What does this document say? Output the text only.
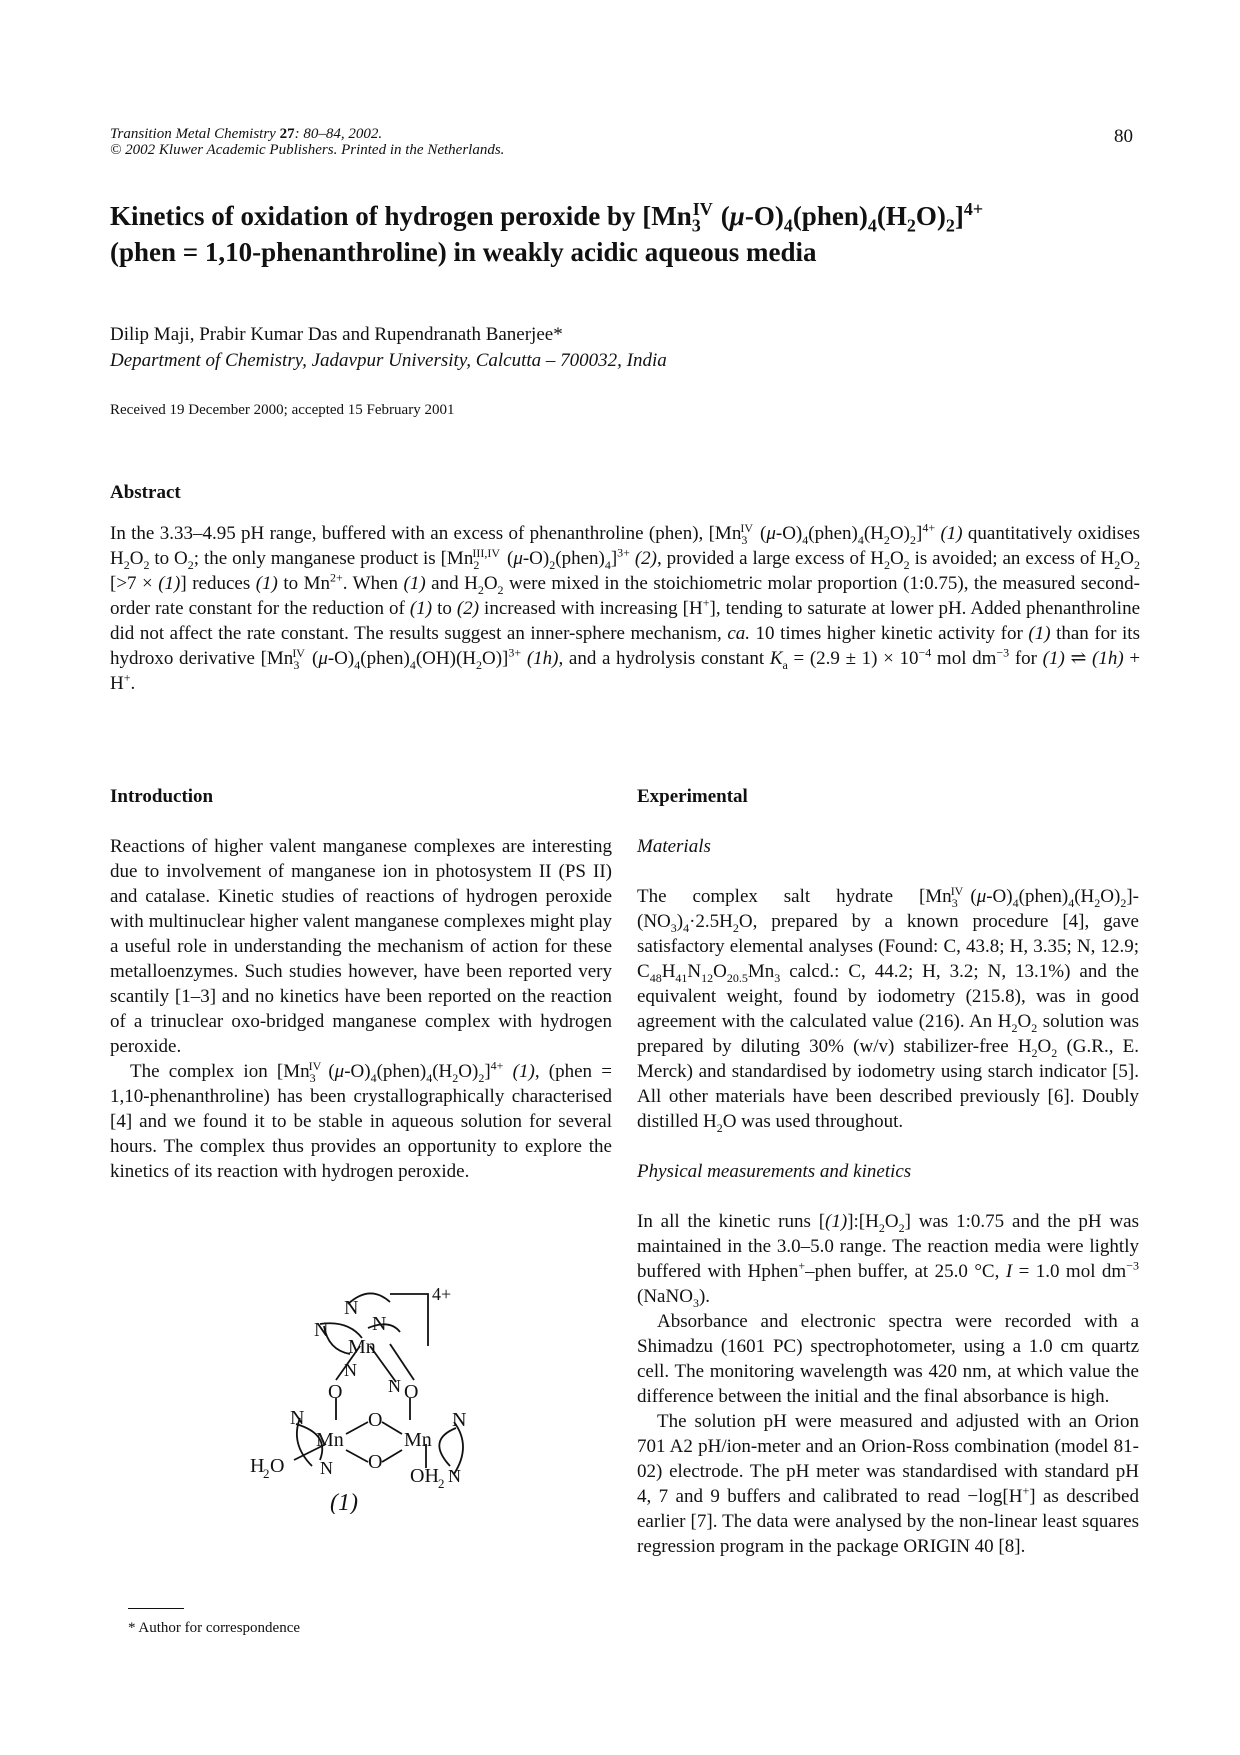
Transition Metal Chemistry 27: 80–84, 2002.
© 2002 Kluwer Academic Publishers. Printed in the Netherlands.
80
Kinetics of oxidation of hydrogen peroxide by [$Mn_3^{IV}$ $(\mu-O)_4(phen)_4(H_2O)_2]^{4+}$
(phen = 1,10-phenanthroline) in weakly acidic aqueous media
Dilip Maji, Prabir Kumar Das and Rupendranath Banerjee*
Department of Chemistry, Jadavpur University, Calcutta – 700032, India
Received 19 December 2000; accepted 15 February 2001
Abstract
In the 3.33–4.95 pH range, buffered with an excess of phenanthroline (phen), [$Mn_3^{IV}$ $(\mu-O)_4(phen)_4(H_2O)_2]^{4+}$ (1) quantitatively oxidises $H_2O_2$ to $O_2$; the only manganese product is [$Mn_2^{III,IV}$ $(\mu-O)_2(phen)_4]^{3+}$ (2), provided a large excess of $H_2O_2$ is avoided; an excess of $H_2O_2$ [>7 × (1)] reduces (1) to $Mn^{2+}$. When (1) and $H_2O_2$ were mixed in the stoichiometric molar proportion (1:0.75), the measured second-order rate constant for the reduction of (1) to (2) increased with increasing [H+], tending to saturate at lower pH. Added phenanthroline did not affect the rate constant. The results suggest an inner-sphere mechanism, ca. 10 times higher kinetic activity for (1) than for its hydroxo derivative [$Mn_3^{IV}$ $(\mu-O)_4(phen)_4(OH)(H_2O)]^{3+}$ (1h), and a hydrolysis constant $K_a = (2.9 \pm 1) \times 10^{-4}$ mol $dm^{-3}$ for (1) ⇌ (1h) + H+.
Introduction

Reactions of higher valent manganese complexes are interesting due to involvement of manganese ion in photosystem II (PS II) and catalase. Kinetic studies of reactions of hydrogen peroxide with multinuclear higher valent manganese complexes might play a useful role in understanding the mechanism of action for these metalloenzymes. Such studies however, have been reported very scantily [1–3] and no kinetics have been reported on the reaction of a trinuclear oxo-bridged manganese complex with hydrogen peroxide.

The complex ion [$Mn_3^{IV}$ $(\mu-O)_4(phen)_4(H_2O)_2]^{4+}$ (1), (phen = 1,10-phenanthroline) has been crystallographically characterised [4] and we found it to be stable in aqueous solution for several hours. The complex thus provides an opportunity to explore the kinetics of its reaction with hydrogen peroxide.

N
N
N
Mn
N
O	N O
N
Mn
O
Mn
N
O
H
2 O N	OH 2 N
4+
(1)
* Author for correspondence
Experimental
Materials

The complex salt hydrate [$Mn_3^{IV}$ $(\mu-O)_4(phen)_4(H_2O)_2]-(NO_3)_4\cdot 2.5H_2O$, prepared by a known procedure [4], gave satisfactory elemental analyses (Found: C, 43.8; H, 3.35; N, 12.9; $C_{48}H_{41}N_{12}O_{20.5}Mn_3$ calcd.: C, 44.2; H, 3.2; N, 13.1%) and the equivalent weight, found by iodometry (215.8), was in good agreement with the calculated value (216). An $H_2O_2$ solution was prepared by diluting 30% (w/v) stabilizer-free $H_2O_2$ (G.R., E. Merck) and standardised by iodometry using starch indicator [5]. All other materials have been described previously [6]. Doubly distilled $H_2O$ was used throughout.

Physical measurements and kinetics

In all the kinetic runs $[(1)]:[H_2O_2]$ was 1:0.75 and the pH was maintained in the 3.0–5.0 range. The reaction media were lightly buffered with Hphen+–phen buffer, at 25.0 °C, I = 1.0 mol $dm^{-3}$ (NaNO$_3$).

Absorbance and electronic spectra were recorded with a Shimadzu (1601 PC) spectrophotometer, using a 1.0 cm quartz cell. The monitoring wavelength was 420 nm, at which value the difference between the initial and the final absorbance is high.

The solution pH were measured and adjusted with an Orion 701 A2 pH/ion-meter and an Orion-Ross combination (model 81-02) electrode. The pH meter was standardised with standard pH 4, 7 and 9 buffers and calibrated to read −log[H+] as described earlier [7]. The data were analysed by the non-linear least squares regression program in the package ORIGIN 40 [8].
